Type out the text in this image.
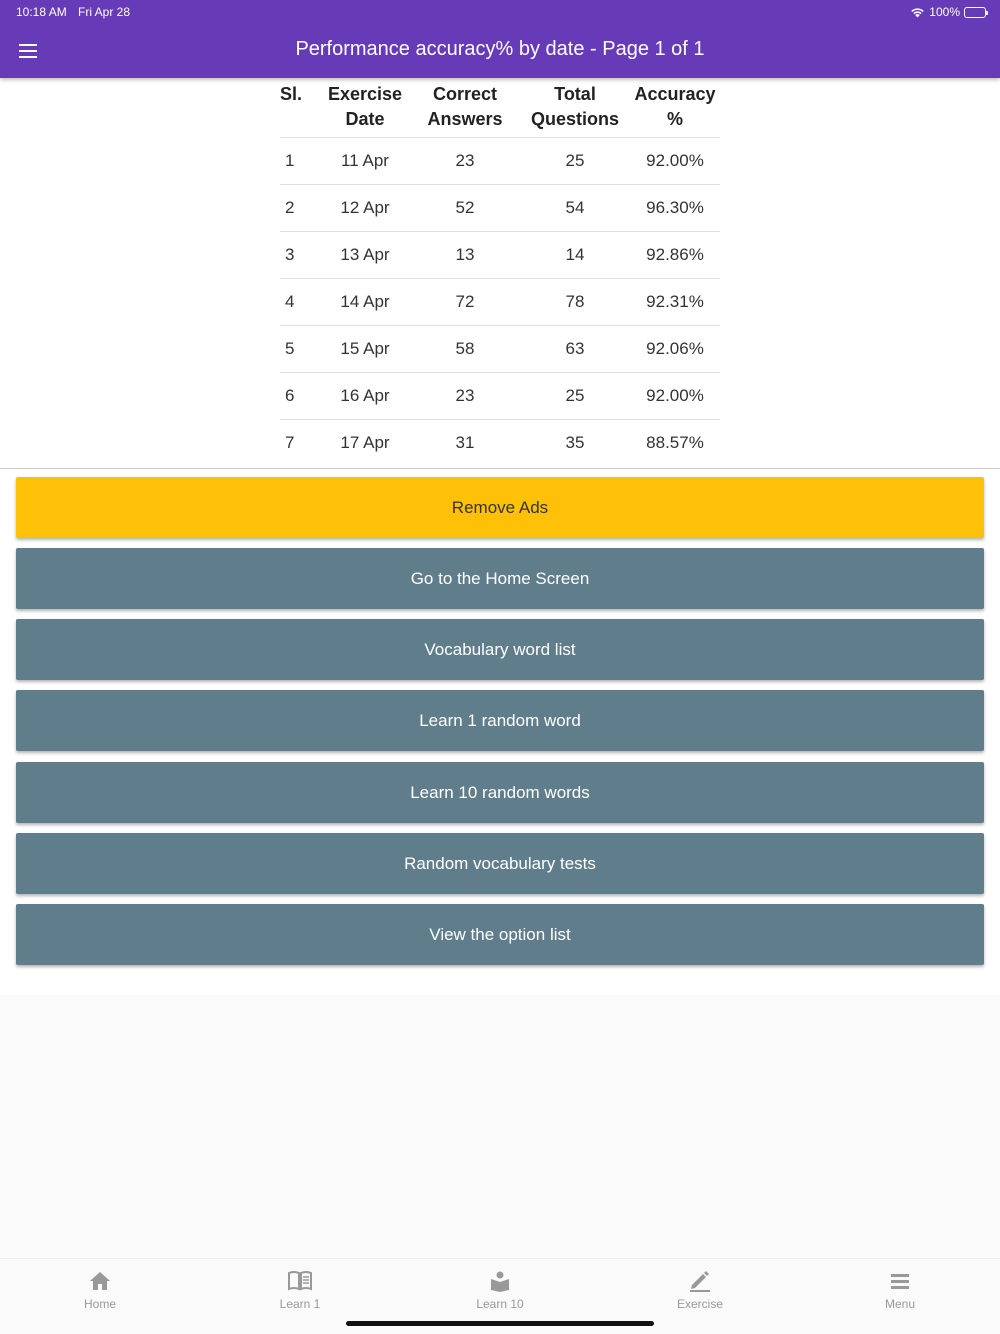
10:18 AM Fri Apr 28	100%
Performance accuracy% by date - Page 1 of 1
Sl.	Exercise Date	Correct Answers	Total Questions	Accuracy %
1	11 Apr	23	25	92.00%
2	12 Apr	52	54	96.30%
3	13 Apr	13	14	92.86%
4	14 Apr	72	78	92.31%
5	15 Apr	58	63	92.06%
6	16 Apr	23	25	92.00%
7	17 Apr	31	35	88.57%
Remove Ads
Go to the Home Screen
Vocabulary word list
Learn 1 random word
Learn 10 random words
Random vocabulary tests
View the option list
Home	Learn 1	Learn 10	Exercise	Menu
